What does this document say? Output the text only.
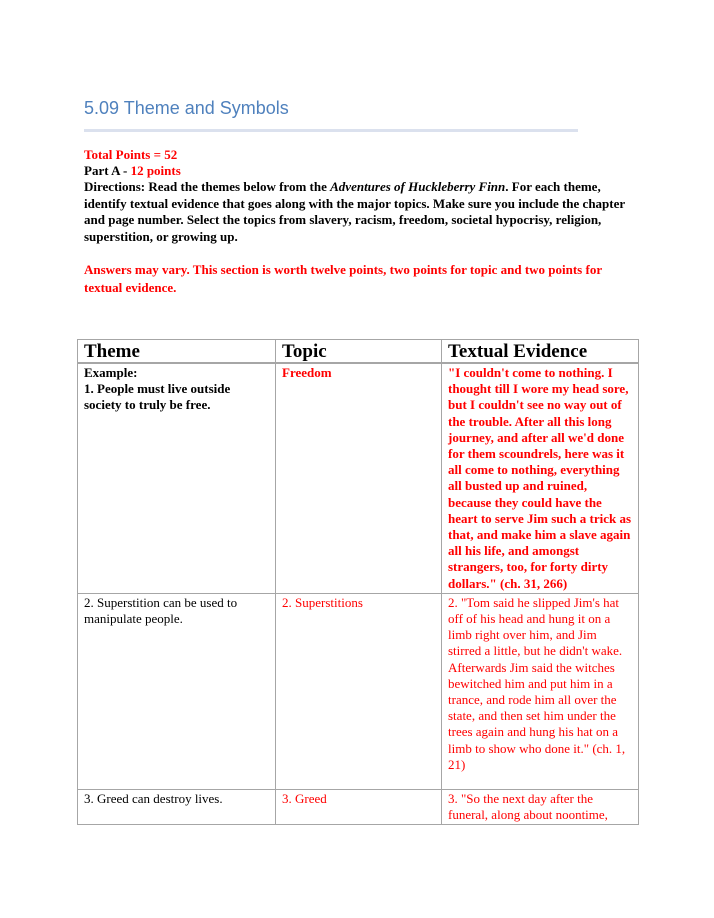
5.09 Theme and Symbols
Total Points = 52
Part A - 12 points
Directions: Read the themes below from the Adventures of Huckleberry Finn. For each theme, identify textual evidence that goes along with the major topics. Make sure you include the chapter and page number. Select the topics from slavery, racism, freedom, societal hypocrisy, religion, superstition, or growing up.
Answers may vary. This section is worth twelve points, two points for topic and two points for textual evidence.
Theme	Topic	Textual Evidence

Example:
1. People must live outside society to truly be free.	Freedom	"I couldn't come to nothing. I thought till I wore my head sore, but I couldn't see no way out of the trouble. After all this long journey, and after all we'd done for them scoundrels, here was it all come to nothing, everything all busted up and ruined, because they could have the heart to serve Jim such a trick as that, and make him a slave again all his life, and amongst strangers, too, for forty dirty dollars." (ch. 31, 266)
2. Superstition can be used to manipulate people.	2. Superstitions	2. "Tom said he slipped Jim's hat off of his head and hung it on a limb right over him, and Jim stirred a little, but he didn't wake. Afterwards Jim said the witches bewitched him and put him in a trance, and rode him all over the state, and then set him under the trees again and hung his hat on a limb to show who done it." (ch. 1, 21)
3. Greed can destroy lives.	3. Greed	3. "So the next day after the funeral, along about noontime,
